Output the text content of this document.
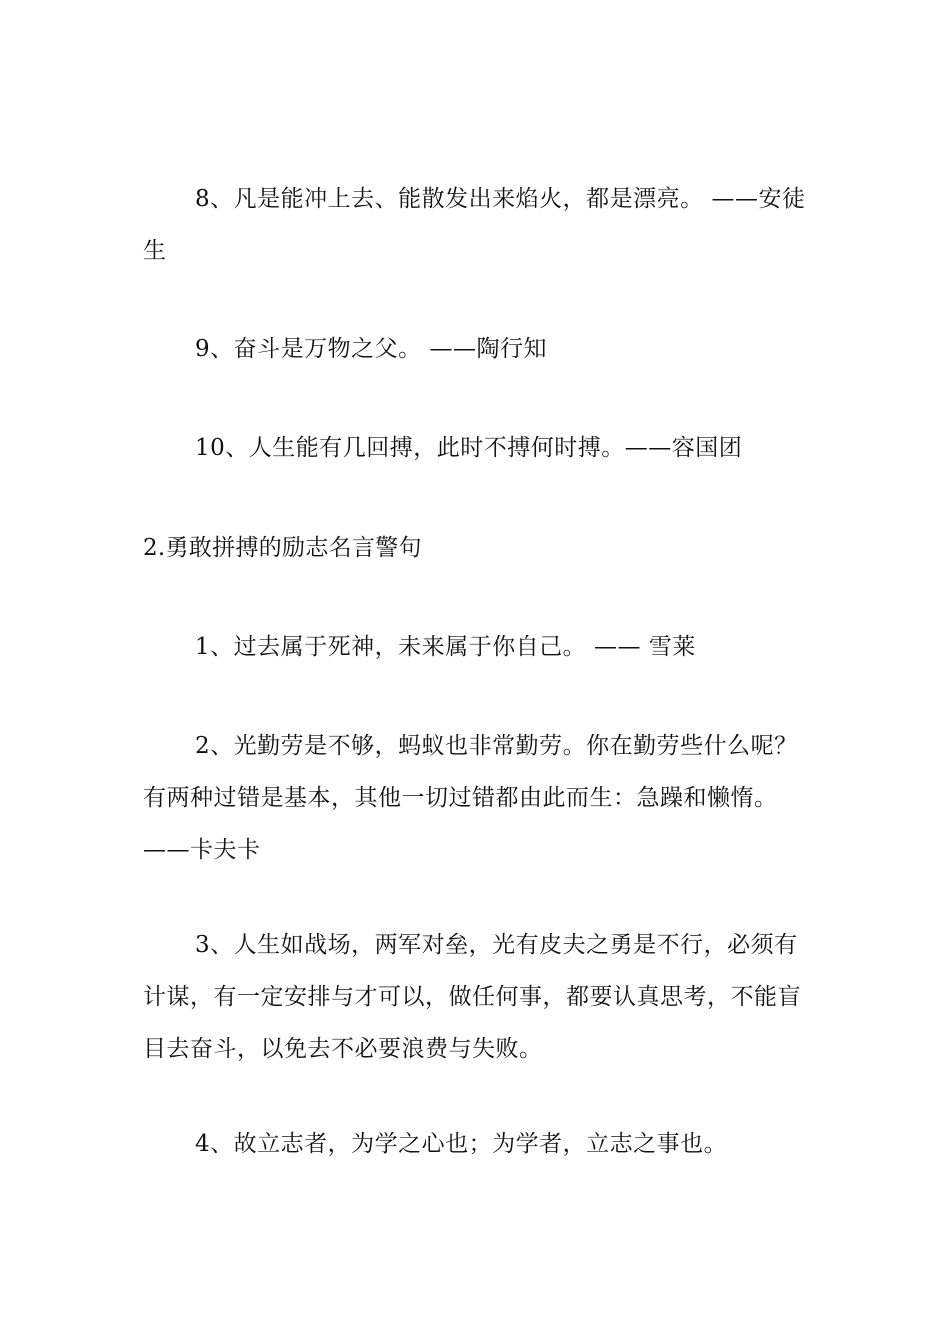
8、凡是能冲上去、能散发出来焰火，都是漂亮。 ——安徒生

9、奋斗是万物之父。 ——陶行知

10、人生能有几回搏，此时不搏何时搏。——容国团

2.勇敢拼搏的励志名言警句

1、过去属于死神，未来属于你自己。 —— 雪莱

2、光勤劳是不够，蚂蚁也非常勤劳。你在勤劳些什么呢？有两种过错是基本，其他一切过错都由此而生：急躁和懒惰。——卡夫卡

3、人生如战场，两军对垒，光有皮夫之勇是不行，必须有计谋，有一定安排与才可以，做任何事，都要认真思考，不能盲目去奋斗，以免去不必要浪费与失败。

4、故立志者，为学之心也；为学者，立志之事也。
